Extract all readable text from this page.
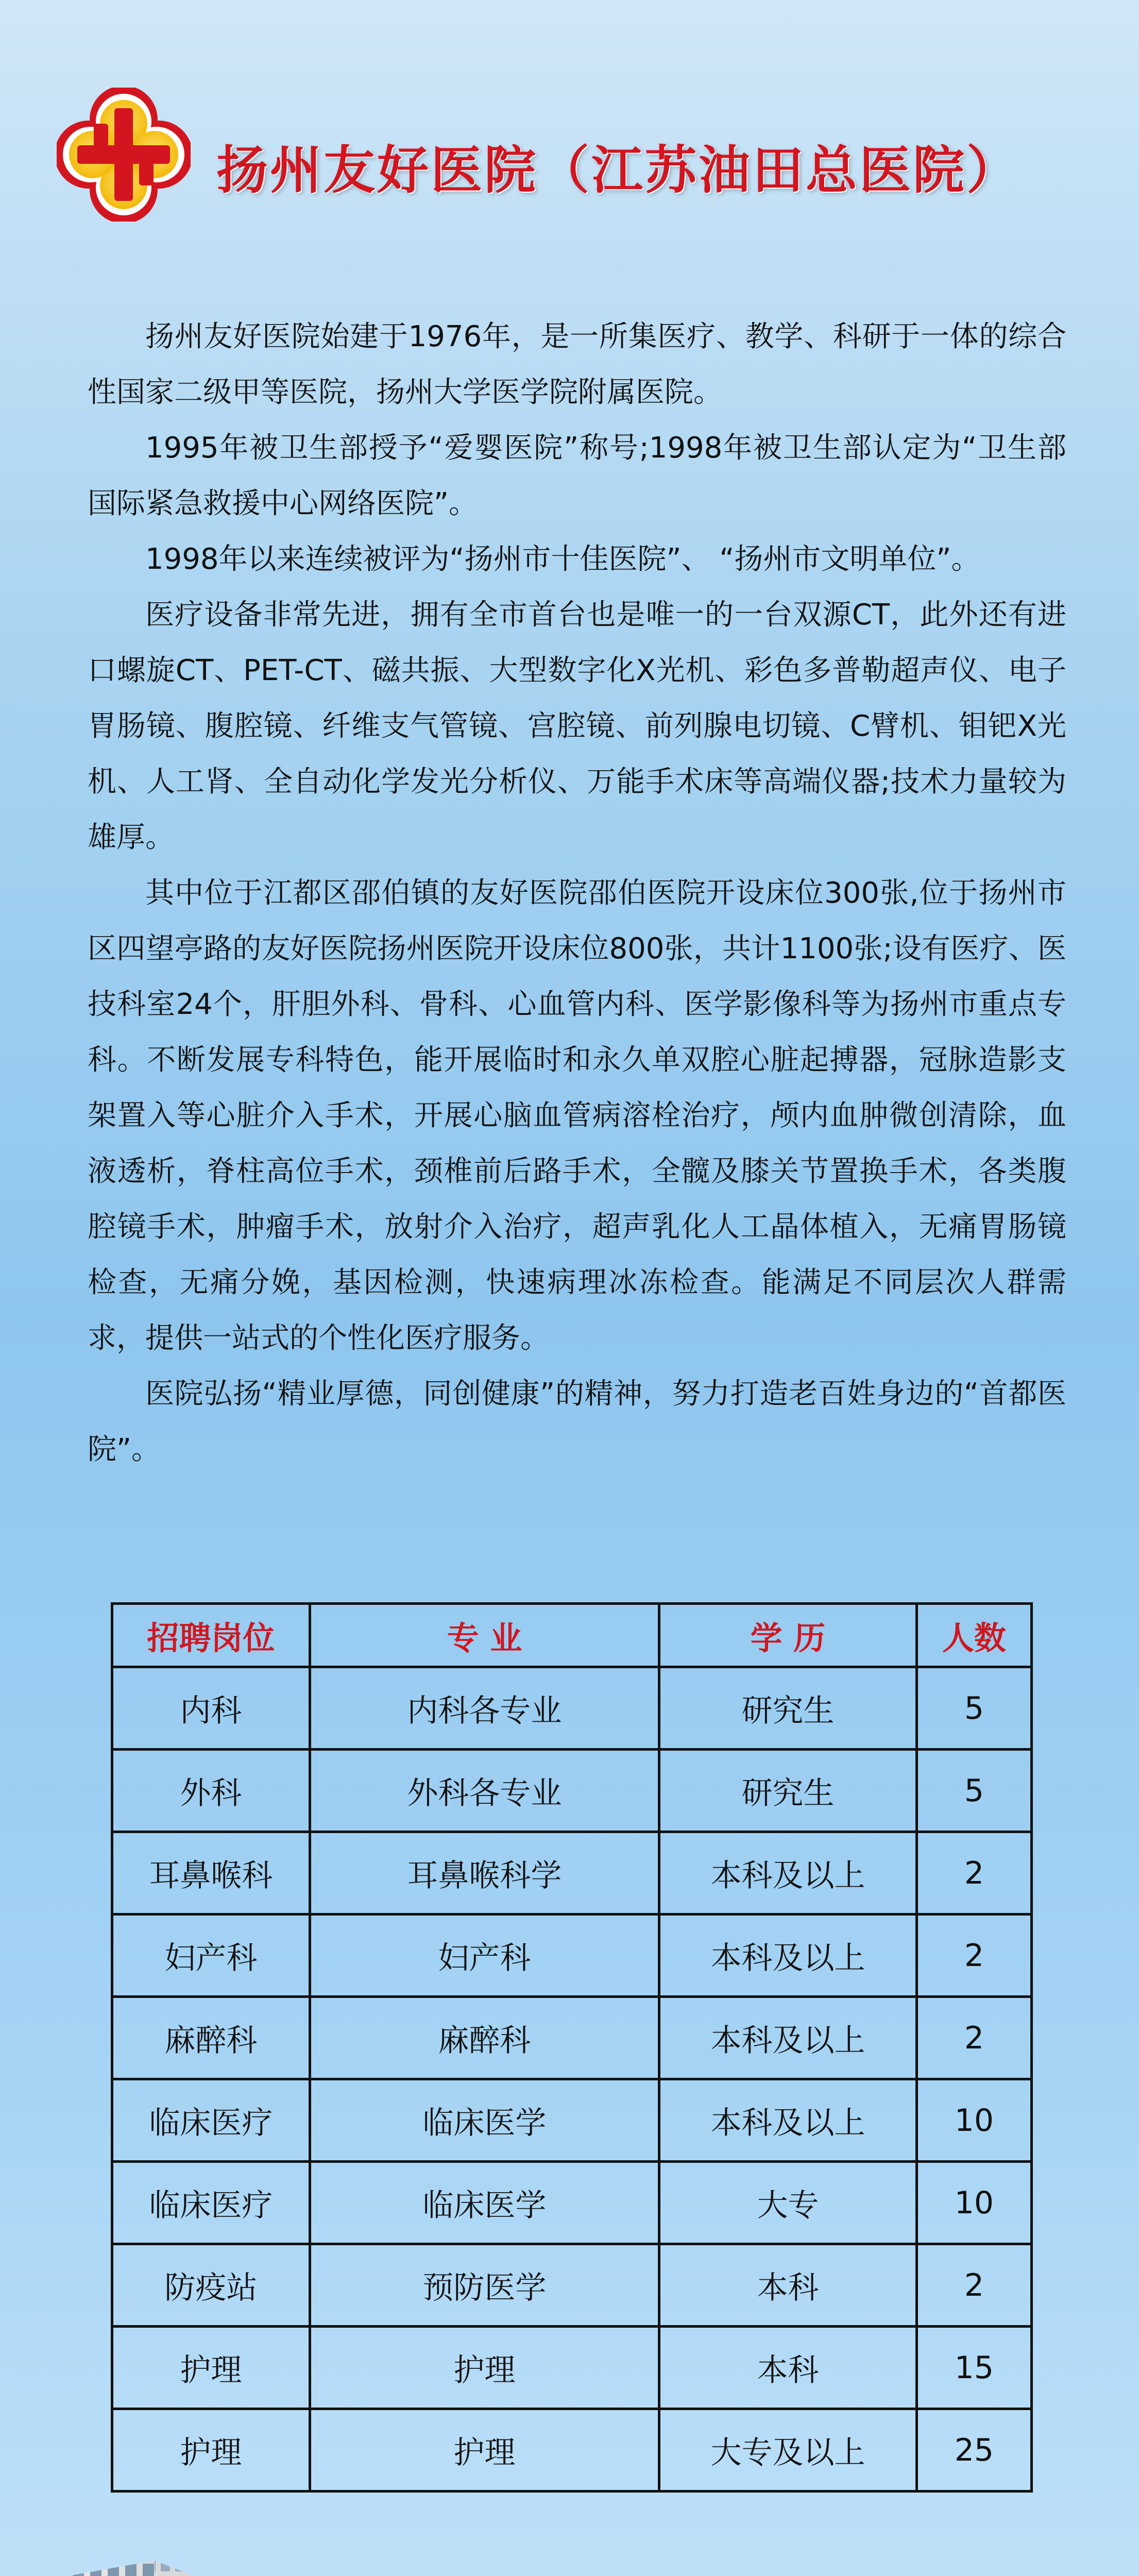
扬州友好医院（江苏油田总医院）

扬州友好医院始建于1976年，是一所集医疗、教学、科研于一体的综合性国家二级甲等医院，扬州大学医学院附属医院。

1995年被卫生部授予“爱婴医院”称号;1998年被卫生部认定为“卫生部国际紧急救援中心网络医院”。

1998年以来连续被评为“扬州市十佳医院”、 “扬州市文明单位”。

医疗设备非常先进，拥有全市首台也是唯一的一台双源CT，此外还有进口螺旋CT、PET-CT、磁共振、大型数字化X光机、彩色多普勒超声仪、电子胃肠镜、腹腔镜、纤维支气管镜、宫腔镜、前列腺电切镜、C臂机、钼钯X光机、人工肾、全自动化学发光分析仪、万能手术床等高端仪器;技术力量较为雄厚。

其中位于江都区邵伯镇的友好医院邵伯医院开设床位300张,位于扬州市区四望亭路的友好医院扬州医院开设床位800张，共计1100张;设有医疗、医技科室24个，肝胆外科、骨科、心血管内科、医学影像科等为扬州市重点专科。不断发展专科特色，能开展临时和永久单双腔心脏起搏器，冠脉造影支架置入等心脏介入手术，开展心脑血管病溶栓治疗，颅内血肿微创清除，血液透析，脊柱高位手术，颈椎前后路手术，全髋及膝关节置换手术，各类腹腔镜手术，肿瘤手术，放射介入治疗，超声乳化人工晶体植入，无痛胃肠镜检查，无痛分娩，基因检测，快速病理冰冻检查。能满足不同层次人群需求，提供一站式的个性化医疗服务。

医院弘扬“精业厚德，同创健康”的精神，努力打造老百姓身边的“首都医院”。

招聘岗位	专 业	学 历	人数
内科	内科各专业	研究生	5
外科	外科各专业	研究生	5
耳鼻喉科	耳鼻喉科学	本科及以上	2
妇产科	妇产科	本科及以上	2
麻醉科	麻醉科	本科及以上	2
临床医疗	临床医学	本科及以上	10
临床医疗	临床医学	大专	10
防疫站	预防医学	本科	2
护理	护理	本科	15
护理	护理	大专及以上	25
